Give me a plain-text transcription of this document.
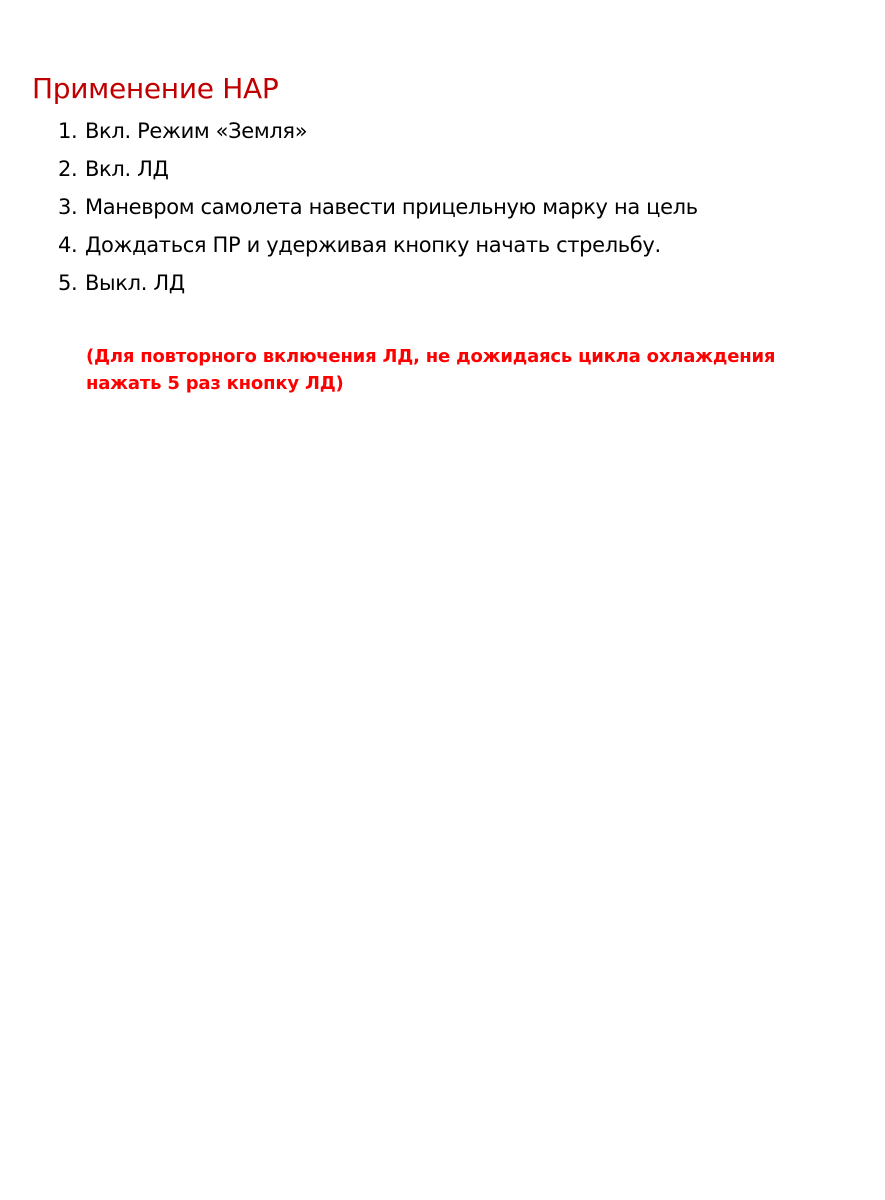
Применение НАР
1. Вкл. Режим «Земля»
2. Вкл. ЛД
3. Маневром самолета навести прицельную марку на цель
4. Дождаться ПР и удерживая кнопку начать стрельбу.
5. Выкл. ЛД

(Для повторного включения ЛД, не дожидаясь цикла охлаждения
нажать 5 раз кнопку ЛД)
